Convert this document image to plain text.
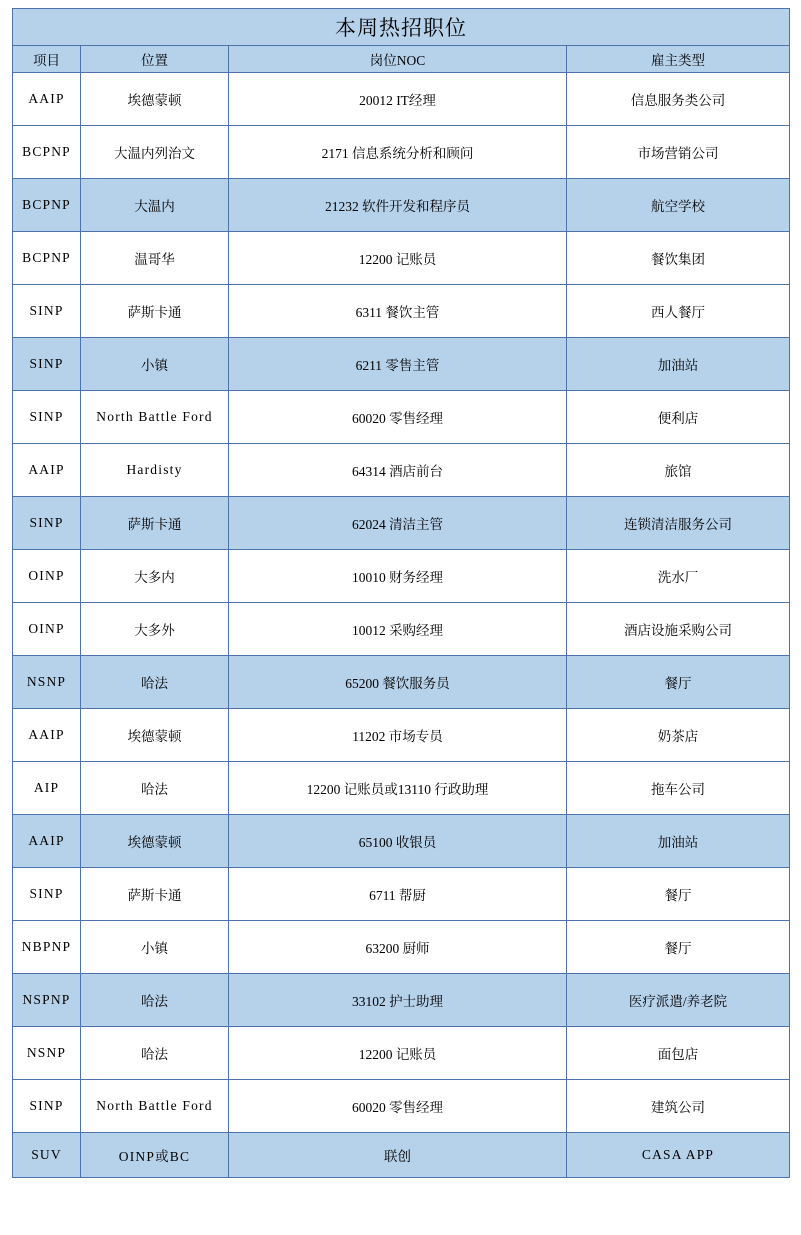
本周热招职位			
项目	位置	岗位NOC	雇主类型
AAIP	埃德蒙顿	20012 IT经理	信息服务类公司
BCPNP	大温内列治文	2171 信息系统分析和顾问	市场营销公司
BCPNP	大温内	21232 软件开发和程序员	航空学校
BCPNP	温哥华	12200 记账员	餐饮集团
SINP	萨斯卡通	6311 餐饮主管	西人餐厅
SINP	小镇	6211 零售主管	加油站
SINP	North Battle Ford	60020 零售经理	便利店
AAIP	Hardisty	64314 酒店前台	旅馆
SINP	萨斯卡通	62024 清洁主管	连锁清洁服务公司
OINP	大多内	10010 财务经理	洗水厂
OINP	大多外	10012 采购经理	酒店设施采购公司
NSNP	哈法	65200 餐饮服务员	餐厅
AAIP	埃德蒙顿	11202 市场专员	奶茶店
AIP	哈法	12200 记账员或13110 行政助理	拖车公司
AAIP	埃德蒙顿	65100 收银员	加油站
SINP	萨斯卡通	6711 帮厨	餐厅
NBPNP	小镇	63200 厨师	餐厅
NSPNP	哈法	33102 护士助理	医疗派遣/养老院
NSNP	哈法	12200 记账员	面包店
SINP	North Battle Ford	60020 零售经理	建筑公司
SUV	OINP或BC	联创	CASA APP
